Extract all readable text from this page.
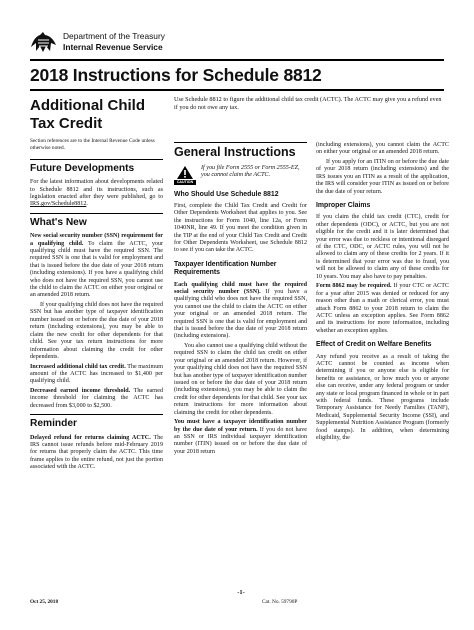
Department of the Treasury
Internal Revenue Service
2018 Instructions for Schedule 8812
Additional Child Tax Credit
Use Schedule 8812 to figure the additional child tax credit (ACTC). The ACTC may give you a refund even if you do not owe any tax.

Section references are to the Internal Revenue Code unless otherwise noted.

Future Developments

For the latest information about developments related to Schedule 8812 and its instructions, such as legislation enacted after they were published, go to IRS.gov/Schedule8812.

What's New

New social security number (SSN) requirement for a qualifying child. To claim the ACTC, your qualifying child must have the required SSN. The required SSN is one that is valid for employment and that is issued before the due date of your 2018 return (including extensions). If you have a qualifying child who does not have the required SSN, you cannot use the child to claim the ACTC on either your original or an amended 2018 return.

If your qualifying child does not have the required SSN but has another type of taxpayer identification number issued on or before the due date of your 2018 return (including extensions), you may be able to claim the new credit for other dependents for that child. See your tax return instructions for more information about claiming the credit for other dependents.

Increased additional child tax credit. The maximum amount of the ACTC has increased to $1,400 per qualifying child.

Decreased earned income threshold. The earned income threshold for claiming the ACTC has decreased from $3,000 to $2,500.

Reminder

Delayed refund for returns claiming ACTC. The IRS cannot issue refunds before mid-February 2019 for returns that properly claim the ACTC. This time frame applies to the entire refund, not just the portion associated with the ACTC.

General Instructions
CAUTION
If you file Form 2555 or Form 2555-EZ, you cannot claim the ACTC.
Who Should Use Schedule 8812

First, complete the Child Tax Credit and Credit for Other Dependents Worksheet that applies to you. See the instructions for Form 1040, line 12a, or Form 1040NR, line 49. If you meet the condition given in the TIP at the end of your Child Tax Credit and Credit for Other Dependents Worksheet, use Schedule 8812 to see if you can take the ACTC.

Taxpayer Identification Number Requirements

Each qualifying child must have the required social security number (SSN). If you have a qualifying child who does not have the required SSN, you cannot use the child to claim the ACTC on either your original or an amended 2018 return. The required SSN is one that is valid for employment and that is issued before the due date of your 2018 return (including extensions).

You also cannot use a qualifying child without the required SSN to claim the child tax credit on either your original or an amended 2018 return. However, if your qualifying child does not have the required SSN but has another type of taxpayer identification number issued on or before the due date of your 2018 return (including extensions), you may be able to claim the credit for other dependents for that child. See your tax return instructions for more information about claiming the credit for other dependents.

You must have a taxpayer identification number by the due date of your return. If you do not have an SSN or IRS individual taxpayer identification number (ITIN) issued on or before the due date of your 2018 return

(including extensions), you cannot claim the ACTC on either your original or an amended 2018 return.

If you apply for an ITIN on or before the due date of your 2018 return (including extensions) and the IRS issues you an ITIN as a result of the application, the IRS will consider your ITIN as issued on or before the due date of your return.

Improper Claims

If you claim the child tax credit (CTC), credit for other dependents (ODC), or ACTC, but you are not eligible for the credit and it is later determined that your error was due to reckless or intentional disregard of the CTC, ODC, or ACTC rules, you will not be allowed to claim any of these credits for 2 years. If it is determined that your error was due to fraud, you will not be allowed to claim any of these credits for 10 years. You may also have to pay penalties.

Form 8862 may be required. If your CTC or ACTC for a year after 2015 was denied or reduced for any reason other than a math or clerical error, you must attach Form 8862 to your 2018 return to claim the ACTC unless an exception applies. See Form 8862 and its instructions for more information, including whether an exception applies.

Effect of Credit on Welfare Benefits

Any refund you receive as a result of taking the ACTC cannot be counted as income when determining if you or anyone else is eligible for benefits or assistance, or how much you or anyone else can receive, under any federal program or under any state or local program financed in whole or in part with federal funds. These programs include Temporary Assistance for Needy Families (TANF), Medicaid, Supplemental Security Income (SSI), and Supplemental Nutrition Assistance Program (formerly food stamps). In addition, when determining eligibility, the

-1-
Oct 25, 2018	Cat. No. 59790P
